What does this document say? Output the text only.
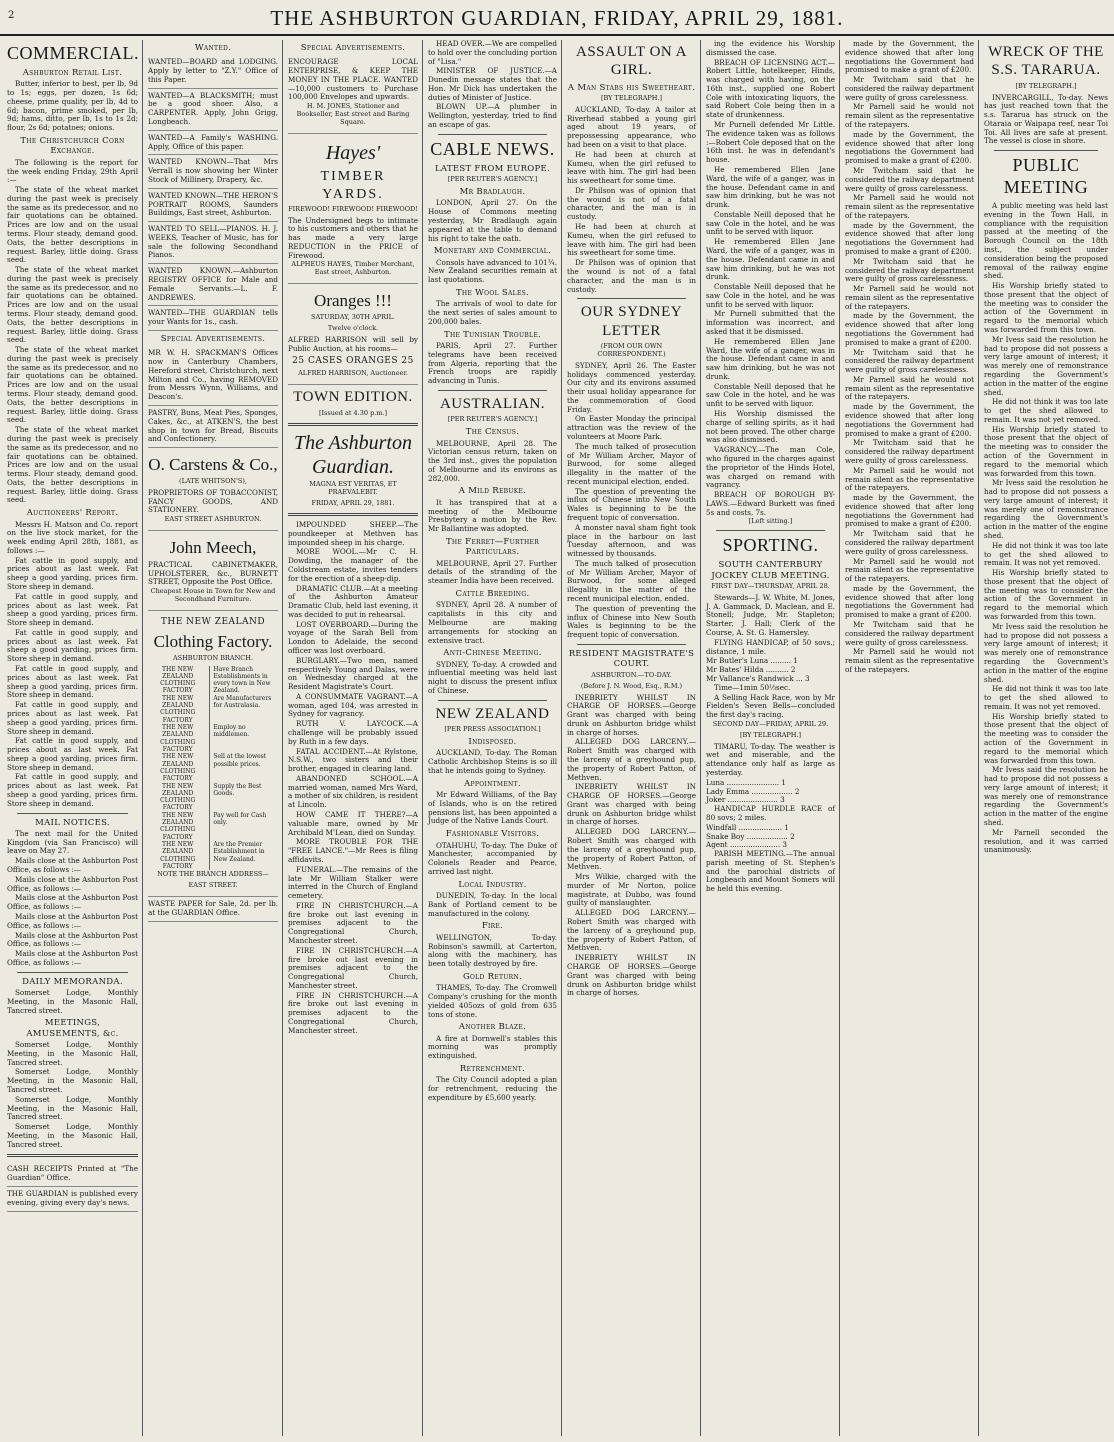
2	THE ASHBURTON GUARDIAN, FRIDAY, APRIL 29, 1881.
COMMERCIAL.
Ashburton Retail List.

Butter, inferior to best, per lb, 9d to 1s; eggs, per dozen, 1s 6d; cheese, prime quality, per lb, 4d to 6d; bacon, prime smoked, per lb, 9d; hams, ditto, per lb, 1s to 1s 2d; flour, 2s 6d; potatoes; onions.

The Christchurch Corn Exchange.

The following is the report for the week ending Friday, 29th April :—

The state of the wheat market during the past week is precisely the same as its predecessor, and no fair quotations can be obtained. Prices are low and on the usual terms. Flour steady, demand good. Oats, the better descriptions in request. Barley, little doing. Grass seed.

The state of the wheat market during the past week is precisely the same as its predecessor, and no fair quotations can be obtained. Prices are low and on the usual terms. Flour steady, demand good. Oats, the better descriptions in request. Barley, little doing. Grass seed.

The state of the wheat market during the past week is precisely the same as its predecessor, and no fair quotations can be obtained. Prices are low and on the usual terms. Flour steady, demand good. Oats, the better descriptions in request. Barley, little doing. Grass seed.

The state of the wheat market during the past week is precisely the same as its predecessor, and no fair quotations can be obtained. Prices are low and on the usual terms. Flour steady, demand good. Oats, the better descriptions in request. Barley, little doing. Grass seed.

Auctioneers' Report.

Messrs H. Matson and Co. report on the live stock market, for the week ending April 28th, 1881, as follows :—

Fat cattle in good supply, and prices about as last week. Fat sheep a good yarding, prices firm. Store sheep in demand.

Fat cattle in good supply, and prices about as last week. Fat sheep a good yarding, prices firm. Store sheep in demand.

Fat cattle in good supply, and prices about as last week. Fat sheep a good yarding, prices firm. Store sheep in demand.

Fat cattle in good supply, and prices about as last week. Fat sheep a good yarding, prices firm. Store sheep in demand.

Fat cattle in good supply, and prices about as last week. Fat sheep a good yarding, prices firm. Store sheep in demand.

Fat cattle in good supply, and prices about as last week. Fat sheep a good yarding, prices firm. Store sheep in demand.

Fat cattle in good supply, and prices about as last week. Fat sheep a good yarding, prices firm. Store sheep in demand.

MAIL NOTICES.

The next mail for the United Kingdom (via San Francisco) will leave on May 27.

Mails close at the Ashburton Post Office, as follows :—

Mails close at the Ashburton Post Office, as follows :—

Mails close at the Ashburton Post Office, as follows :—

Mails close at the Ashburton Post Office, as follows :—

Mails close at the Ashburton Post Office, as follows :—

Mails close at the Ashburton Post Office, as follows :—

DAILY MEMORANDA.

Somerset Lodge, Monthly Meeting, in the Masonic Hall, Tancred street.

MEETINGS, AMUSEMENTS, &c.

Somerset Lodge, Monthly Meeting, in the Masonic Hall, Tancred street.

Somerset Lodge, Monthly Meeting, in the Masonic Hall, Tancred street.

Somerset Lodge, Monthly Meeting, in the Masonic Hall, Tancred street.

Somerset Lodge, Monthly Meeting, in the Masonic Hall, Tancred street.

CASH RECEIPTS Printed at "The Guardian" Office.
THE GUARDIAN is published every evening, giving every day's news.
Wanted.
WANTED—BOARD and LODGING. Apply by letter to "Z.Y." Office of this Paper.
WANTED—A BLACKSMITH; must be a good shoer. Also, a CARPENTER. Apply, John Grigg, Longbeach.
WANTED—A Family's WASHING. Apply, Office of this paper.
WANTED KNOWN—That Mrs Verrall is now showing her Winter Stock of Millinery, Drapery, &c.
WANTED KNOWN—THE HERON'S PORTRAIT ROOMS, Saunders Buildings, East street, Ashburton.
WANTED TO SELL—PIANOS. H. J. WEEKS, Teacher of Music, has for sale the following Secondhand Pianos.
WANTED KNOWN.—Ashburton REGISTRY OFFICE for Male and Female Servants.—L. F. ANDREWES.
WANTED—THE GUARDIAN tells your Wants for 1s., cash.
Special Advertisements.
MR W. H. SPACKMAN'S Offices now in Canterbury Chambers, Hereford street, Christchurch, next Milton and Co., having REMOVED from Messrs Wynn, Williams, and Deacon's.
PASTRY, Buns, Meat Pies, Sponges, Cakes, &c., at ATKEN'S, the best shop in town for Bread, Biscuits and Confectionery.
O. Carstens & Co.,
(LATE WHITSON'S),
PROPRIETORS OF TOBACCONIST, FANCY GOODS, AND STATIONERY.
EAST STREET ASHBURTON.
John Meech,
PRACTICAL CABINETMAKER, UPHOLSTERER, &c., BURNETT STREET, Opposite the Post Office.
Cheapest House in Town for New and Secondhand Furniture.
THE NEW ZEALAND
Clothing Factory.
ASHBURTON BRANCH.
THE NEW ZEALAND CLOTHING FACTORY
Have Branch Establishments in every town in New Zealand.
THE NEW ZEALAND CLOTHING FACTORY
Are Manufacturers for Australasia.
THE NEW ZEALAND CLOTHING FACTORY
Employ no middlemen.
THE NEW ZEALAND CLOTHING FACTORY
Sell at the lowest possible prices.
THE NEW ZEALAND CLOTHING FACTORY
Supply the Best Goods.
THE NEW ZEALAND CLOTHING FACTORY
Pay well for Cash only.
THE NEW ZEALAND CLOTHING FACTORY
Are the Premier Establishment in New Zealand.
NOTE THE BRANCH ADDRESS—
EAST STREET.
WASTE PAPER for Sale, 2d. per lb. at the GUARDIAN Office.
Special Advertisements.
ENCOURAGE LOCAL ENTERPRISE, & KEEP THE MONEY IN THE PLACE. WANTED—10,000 customers to Purchase 100,000 Envelopes and upwards.
H. M. JONES, Stationer and Bookseller, East street and Baring Square.
Hayes'
TIMBER YARDS.
FIREWOOD! FIREWOOD! FIREWOOD!
The Undersigned begs to intimate to his customers and others that he has made a very large REDUCTION in the PRICE of Firewood.
ALPHEUS HAYES, Timber Merchant, East street, Ashburton.
Oranges !!!
SATURDAY, 30TH APRIL.
Twelve o'clock.
ALFRED HARRISON will sell by Public Auction, at his rooms—
25 CASES ORANGES 25
ALFRED HARRISON, Auctioneer.
TOWN EDITION.
[Issued at 4.30 p.m.]
The Ashburton Guardian.
MAGNA EST VERITAS, ET PRAEVALEBIT.
FRIDAY, APRIL 29, 1881.

IMPOUNDED SHEEP.—The poundkeeper at Methven has impounded sheep in his charge.

MORE WOOL.—Mr C. H. Dowding, the manager of the Coldstream estate, invites tenders for the erection of a sheep-dip.

DRAMATIC CLUB.—At a meeting of the Ashburton Amateur Dramatic Club, held last evening, it was decided to put in rehearsal.

LOST OVERBOARD.—During the voyage of the Sarah Bell from London to Adelaide, the second officer was lost overboard.

BURGLARY.—Two men, named respectively Young and Dalas, were on Wednesday charged at the Resident Magistrate's Court.

A CONSUMMATE VAGRANT.—A woman, aged 104, was arrested in Sydney for vagrancy.

RUTH V. LAYCOCK.—A challenge will be probably issued by Ruth in a few days.

FATAL ACCIDENT.—At Rylstone, N.S.W., two sisters and their brother, engaged in clearing land.

ABANDONED SCHOOL.—A married woman, named Mrs Ward, a mother of six children, is resident at Lincoln.

HOW CAME IT THERE?—A valuable mare, owned by Mr Archibald M'Lean, died on Sunday.

MORE TROUBLE FOR THE "FREE LANCE."—Mr Rees is filing affidavits.

FUNERAL.—The remains of the late Mr William Stalker were interred in the Church of England cemetery.

FIRE IN CHRISTCHURCH.—A fire broke out last evening in premises adjacent to the Congregational Church, Manchester street.

FIRE IN CHRISTCHURCH.—A fire broke out last evening in premises adjacent to the Congregational Church, Manchester street.

FIRE IN CHRISTCHURCH.—A fire broke out last evening in premises adjacent to the Congregational Church, Manchester street.

HEAD OVER.—We are compelled to hold over the concluding portion of "Lisa."

MINISTER OF JUSTICE.—A Dunedin message states that the Hon. Mr Dick has undertaken the duties of Minister of Justice.

BLOWN UP.—A plumber in Wellington, yesterday, tried to find an escape of gas.

CABLE NEWS.
LATEST FROM EUROPE.
[PER REUTER'S AGENCY.]
Mr Bradlaugh.

LONDON, April 27. On the House of Commons meeting yesterday, Mr Bradlaugh again appeared at the table to demand his right to take the oath.

Monetary and Commercial.

Consols have advanced to 101¾. New Zealand securities remain at last quotations.

The Wool Sales.

The arrivals of wool to date for the next series of sales amount to 200,000 bales.

The Tunisian Trouble.

PARIS, April 27. Further telegrams have been received from Algeria, reporting that the French troops are rapidly advancing in Tunis.

AUSTRALIAN.
[PER REUTER'S AGENCY.]
The Census.

MELBOURNE, April 28. The Victorian census return, taken on the 3rd inst., gives the population of Melbourne and its environs as 282,000.

A Mild Rebuke.

It has transpired that at a meeting of the Melbourne Presbytery a motion by the Rev. Mr Ballantine was adopted.

The Ferret—Further Particulars.

MELBOURNE, April 27. Further details of the stranding of the steamer India have been received.

Cattle Breeding.

SYDNEY, April 28. A number of capitalists in this city and Melbourne are making arrangements for stocking an extensive tract.

Anti-Chinese Meeting.

SYDNEY, To-day. A crowded and influential meeting was held last night to discuss the present influx of Chinese.

NEW ZEALAND
[PER PRESS ASSOCIATION.]
Indisposed.

AUCKLAND, To-day. The Roman Catholic Archbishop Steins is so ill that he intends going to Sydney.

Appointment.

Mr Edward Williams, of the Bay of Islands, who is on the retired pensions list, has been appointed a Judge of the Native Lands Court.

Fashionable Visitors.

OTAHUHU, To-day. The Duke of Manchester, accompanied by Colonels Reader and Pearce, arrived last night.

Local Industry.

DUNEDIN, To-day. In the local Bank of Portland cement to be manufactured in the colony.

Fire.

WELLINGTON, To-day. Robinson's sawmill, at Carterton, along with the machinery, has been totally destroyed by fire.

Gold Return.

THAMES, To-day. The Cromwell Company's crushing for the month yielded 405ozs of gold from 635 tons of stone.

Another Blaze.

A fire at Dornwell's stables this morning was promptly extinguished.

Retrenchment.

The City Council adopted a plan for retrenchment, reducing the expenditure by £5,600 yearly.

ASSAULT ON A GIRL.
A Man Stabs his Sweetheart.
[BY TELEGRAPH.]

AUCKLAND, To-day. A tailor at Riverhead stabbed a young girl aged about 19 years, of prepossessing appearance, who had been on a visit to that place.

He had been at church at Kumeu, when the girl refused to leave with him. The girl had been his sweetheart for some time.

Dr Philson was of opinion that the wound is not of a fatal character, and the man is in custody.

He had been at church at Kumeu, when the girl refused to leave with him. The girl had been his sweetheart for some time.

Dr Philson was of opinion that the wound is not of a fatal character, and the man is in custody.

OUR SYDNEY LETTER
(FROM OUR OWN CORRESPONDENT.)

SYDNEY, April 26. The Easter holidays commenced yesterday. Our city and its environs assumed their usual holiday appearance for the commemoration of Good Friday.

On Easter Monday the principal attraction was the review of the volunteers at Moore Park.

The much talked of prosecution of Mr William Archer, Mayor of Burwood, for some alleged illegality in the matter of the recent municipal election, ended.

The question of preventing the influx of Chinese into New South Wales is beginning to be the frequent topic of conversation.

A monster naval sham fight took place in the harbour on last Tuesday afternoon, and was witnessed by thousands.

The much talked of prosecution of Mr William Archer, Mayor of Burwood, for some alleged illegality in the matter of the recent municipal election, ended.

The question of preventing the influx of Chinese into New South Wales is beginning to be the frequent topic of conversation.

RESIDENT MAGISTRATE'S COURT.
ASHBURTON.—TO-DAY.
(Before J. N. Wood, Esq., R.M.)

INEBRIETY WHILST IN CHARGE OF HORSES.—George Grant was charged with being drunk on Ashburton bridge whilst in charge of horses.

ALLEGED DOG LARCENY.—Robert Smith was charged with the larceny of a greyhound pup, the property of Robert Patton, of Methven.

INEBRIETY WHILST IN CHARGE OF HORSES.—George Grant was charged with being drunk on Ashburton bridge whilst in charge of horses.

ALLEGED DOG LARCENY.—Robert Smith was charged with the larceny of a greyhound pup, the property of Robert Patton, of Methven.

Mrs Wilkie, charged with the murder of Mr Norton, police magistrate, at Dubbo, was found guilty of manslaughter.

ALLEGED DOG LARCENY.—Robert Smith was charged with the larceny of a greyhound pup, the property of Robert Patton, of Methven.

INEBRIETY WHILST IN CHARGE OF HORSES.—George Grant was charged with being drunk on Ashburton bridge whilst in charge of horses.

ing the evidence his Worship dismissed the case.

BREACH OF LICENSING ACT.—Robert Little, hotelkeeper, Hinds, was charged with having, on the 16th inst., supplied one Robert Cole with intoxicating liquors, the said Robert Cole being then in a state of drunkenness.

Mr Purnell defended Mr Little. The evidence taken was as follows :—Robert Cole deposed that on the 16th inst. he was in defendant's house.

He remembered Ellen Jane Ward, the wife of a ganger, was in the house. Defendant came in and saw him drinking, but he was not drunk.

Constable Neill deposed that he saw Cole in the hotel, and he was unfit to be served with liquor.

He remembered Ellen Jane Ward, the wife of a ganger, was in the house. Defendant came in and saw him drinking, but he was not drunk.

Constable Neill deposed that he saw Cole in the hotel, and he was unfit to be served with liquor.

Mr Purnell submitted that the information was incorrect, and asked that it be dismissed.

He remembered Ellen Jane Ward, the wife of a ganger, was in the house. Defendant came in and saw him drinking, but he was not drunk.

Constable Neill deposed that he saw Cole in the hotel, and he was unfit to be served with liquor.

His Worship dismissed the charge of selling spirits, as it had not been proved. The other charge was also dismissed.

VAGRANCY.—The man Cole, who figured in the charges against the proprietor of the Hinds Hotel, was charged on remand with vagrancy.

BREACH OF BOROUGH BY-LAWS.—Edward Burkett was fined 5s and costs, 7s.

[Left sitting.]
SPORTING.
SOUTH CANTERBURY JOCKEY CLUB MEETING.
FIRST DAY—THURSDAY, APRIL 28.

Stewards—J. W. White, M. Jones, J. A. Gammack, D. Maclean, and E. Stonell; Judge, Mr. Stapleton; Starter, J. Hall; Clerk of the Course, A. St. G. Hamersley.

FLYING HANDICAP, of 50 sovs.; distance, 1 mile.

Mr Butler's Luna ......... 1
Mr Bates' Hilda .......... 2
Mr Vallance's Randwick ... 3

Time—1min 50⅓sec.

A Selling Hack Race, won by Mr Fielden's Seven Bells—concluded the first day's racing.

SECOND DAY—FRIDAY, APRIL 29.
[BY TELEGRAPH.]

TIMARU, To-day. The weather is wet and miserable, and the attendance only half as large as yesterday.

Luna ....................... 1
Lady Emma .................. 2
Joker ...................... 3

HANDICAP HURDLE RACE of 80 sovs; 2 miles.

Windfall ................... 1
Snake Boy .................. 2
Agent ...................... 3

PARISH MEETING.—The annual parish meeting of St. Stephen's and the parochial districts of Longbeach and Mount Somers will be held this evening.

made by the Government, the evidence showed that after long negotiations the Government had promised to make a grant of £200.

Mr Twitcham said that he considered the railway department were guilty of gross carelessness.

Mr Parnell said he would not remain silent as the representative of the ratepayers.

made by the Government, the evidence showed that after long negotiations the Government had promised to make a grant of £200.

Mr Twitcham said that he considered the railway department were guilty of gross carelessness.

Mr Parnell said he would not remain silent as the representative of the ratepayers.

made by the Government, the evidence showed that after long negotiations the Government had promised to make a grant of £200.

Mr Twitcham said that he considered the railway department were guilty of gross carelessness.

Mr Parnell said he would not remain silent as the representative of the ratepayers.

made by the Government, the evidence showed that after long negotiations the Government had promised to make a grant of £200.

Mr Twitcham said that he considered the railway department were guilty of gross carelessness.

Mr Parnell said he would not remain silent as the representative of the ratepayers.

made by the Government, the evidence showed that after long negotiations the Government had promised to make a grant of £200.

Mr Twitcham said that he considered the railway department were guilty of gross carelessness.

Mr Parnell said he would not remain silent as the representative of the ratepayers.

made by the Government, the evidence showed that after long negotiations the Government had promised to make a grant of £200.

Mr Twitcham said that he considered the railway department were guilty of gross carelessness.

Mr Parnell said he would not remain silent as the representative of the ratepayers.

made by the Government, the evidence showed that after long negotiations the Government had promised to make a grant of £200.

Mr Twitcham said that he considered the railway department were guilty of gross carelessness.

Mr Parnell said he would not remain silent as the representative of the ratepayers.

WRECK OF THE S.S. TARARUA.
[BY TELEGRAPH.]

INVERCARGILL, To-day. News has just reached town that the s.s. Tararua has struck on the Otaraia or Waipapa reef, near Toi Toi. All lives are safe at present. The vessel is close in shore.

PUBLIC MEETING

A public meeting was held last evening in the Town Hall, in compliance with the requisition passed at the meeting of the Borough Council on the 18th inst., the subject under consideration being the proposed removal of the railway engine shed.

His Worship briefly stated to those present that the object of the meeting was to consider the action of the Government in regard to the memorial which was forwarded from this town.

Mr Ivess said the resolution he had to propose did not possess a very large amount of interest; it was merely one of remonstrance regarding the Government's action in the matter of the engine shed.

He did not think it was too late to get the shed allowed to remain. It was not yet removed.

His Worship briefly stated to those present that the object of the meeting was to consider the action of the Government in regard to the memorial which was forwarded from this town.

Mr Ivess said the resolution he had to propose did not possess a very large amount of interest; it was merely one of remonstrance regarding the Government's action in the matter of the engine shed.

He did not think it was too late to get the shed allowed to remain. It was not yet removed.

His Worship briefly stated to those present that the object of the meeting was to consider the action of the Government in regard to the memorial which was forwarded from this town.

Mr Ivess said the resolution he had to propose did not possess a very large amount of interest; it was merely one of remonstrance regarding the Government's action in the matter of the engine shed.

He did not think it was too late to get the shed allowed to remain. It was not yet removed.

His Worship briefly stated to those present that the object of the meeting was to consider the action of the Government in regard to the memorial which was forwarded from this town.

Mr Ivess said the resolution he had to propose did not possess a very large amount of interest; it was merely one of remonstrance regarding the Government's action in the matter of the engine shed.

Mr Parnell seconded the resolution, and it was carried unanimously.
